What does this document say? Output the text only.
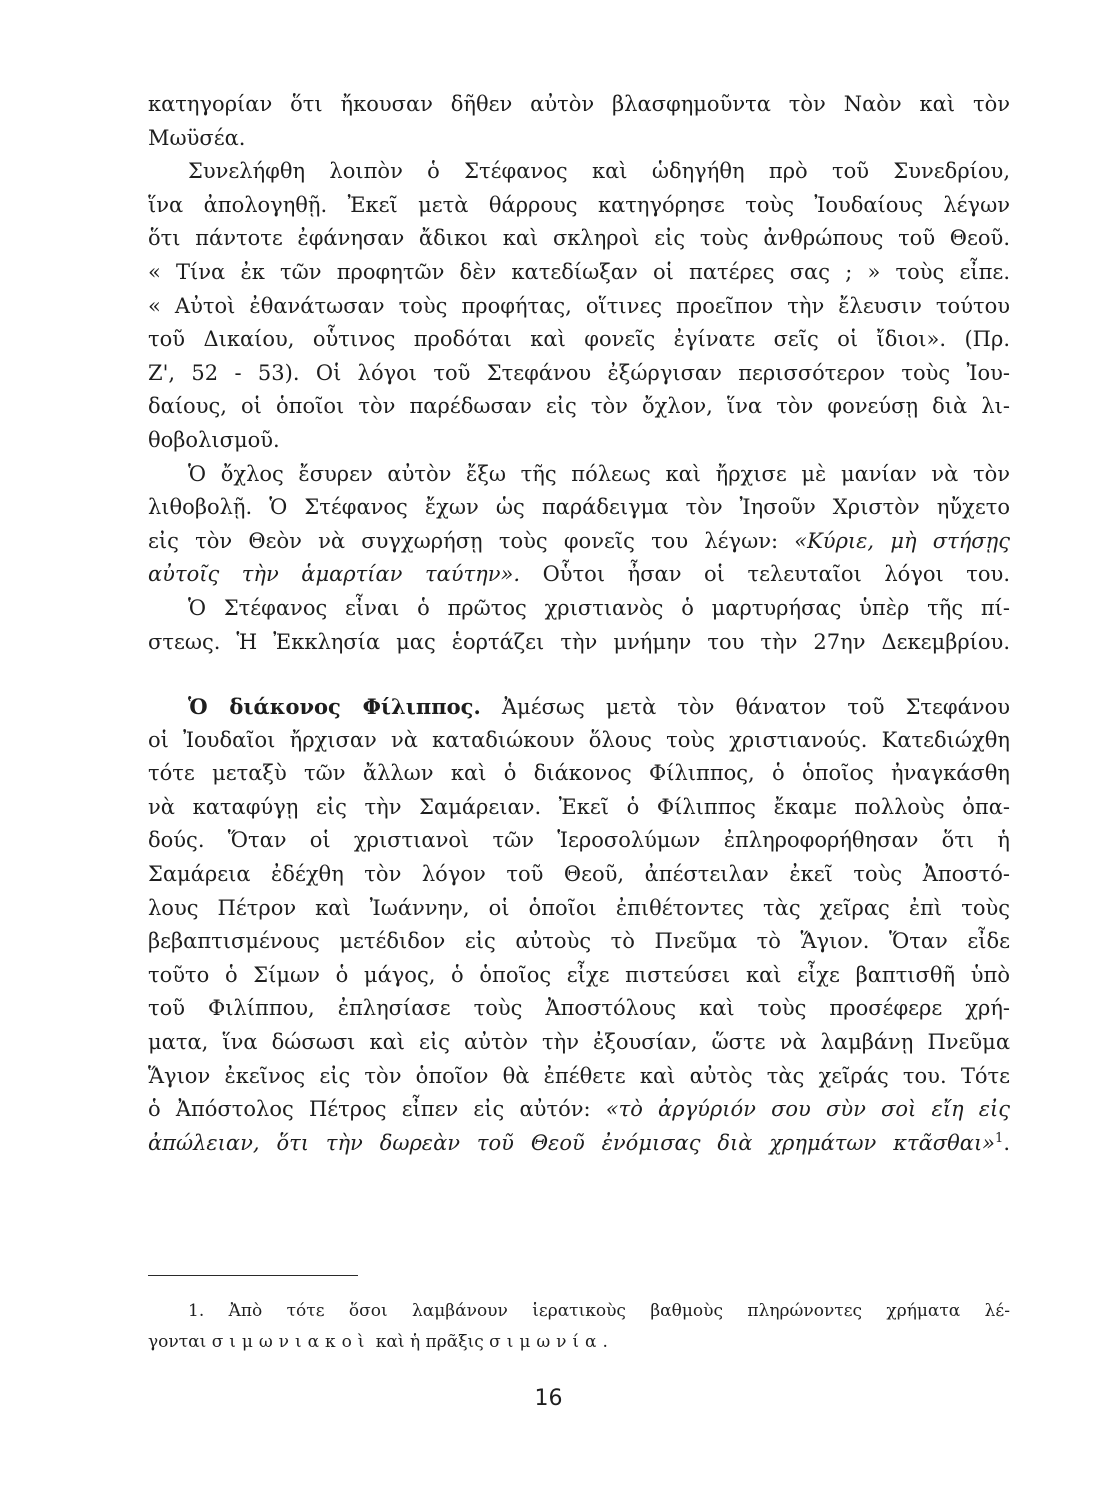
κατηγορίαν ὅτι ἤκουσαν δῆθεν αὐτὸν βλασφημοῦντα τὸν Ναὸν καὶ τὸν
Μωϋσέα.
Συνελήφθη λοιπὸν ὁ Στέφανος καὶ ὡδηγήθη πρὸ τοῦ Συνεδρίου,
ἵνα ἀπολογηθῇ. Ἐκεῖ μετὰ θάρρους κατηγόρησε τοὺς Ἰουδαίους λέγων
ὅτι πάντοτε ἐφάνησαν ἄδικοι καὶ σκληροὶ εἰς τοὺς ἀνθρώπους τοῦ Θεοῦ.
« Τίνα ἐκ τῶν προφητῶν δὲν κατεδίωξαν οἱ πατέρες σας ; » τοὺς εἶπε.
« Αὐτοὶ ἐθανάτωσαν τοὺς προφήτας, οἵτινες προεῖπον τὴν ἔλευσιν τούτου
τοῦ Δικαίου, οὗτινος προδόται καὶ φονεῖς ἐγίνατε σεῖς οἱ ἴδιοι». (Πρ.
Ζ', 52 - 53). Οἱ λόγοι τοῦ Στεφάνου ἐξώργισαν περισσότερον τοὺς Ἰου-
δαίους, οἱ ὁποῖοι τὸν παρέδωσαν εἰς τὸν ὄχλον, ἵνα τὸν φονεύσῃ διὰ λι-
θοβολισμοῦ.
Ὁ ὄχλος ἔσυρεν αὐτὸν ἔξω τῆς πόλεως καὶ ἤρχισε μὲ μανίαν νὰ τὸν
λιθοβολῇ. Ὁ Στέφανος ἔχων ὡς παράδειγμα τὸν Ἰησοῦν Χριστὸν ηὔχετο
εἰς τὸν Θεὸν νὰ συγχωρήσῃ τοὺς φονεῖς του λέγων: «Κύριε, μὴ στήσῃς
αὐτοῖς τὴν ἁμαρτίαν ταύτην». Οὗτοι ἦσαν οἱ τελευταῖοι λόγοι του.
Ὁ Στέφανος εἶναι ὁ πρῶτος χριστιανὸς ὁ μαρτυρήσας ὑπὲρ τῆς πί-
στεως. Ἡ Ἐκκλησία μας ἑορτάζει τὴν μνήμην του τὴν 27ην Δεκεμβρίου.
Ὁ διάκονος Φίλιππος. Ἀμέσως μετὰ τὸν θάνατον τοῦ Στεφάνου
οἱ Ἰουδαῖοι ἤρχισαν νὰ καταδιώκουν ὅλους τοὺς χριστιανούς. Κατεδιώχθη
τότε μεταξὺ τῶν ἄλλων καὶ ὁ διάκονος Φίλιππος, ὁ ὁποῖος ἠναγκάσθη
νὰ καταφύγῃ εἰς τὴν Σαμάρειαν. Ἐκεῖ ὁ Φίλιππος ἔκαμε πολλοὺς ὀπα-
δούς. Ὅταν οἱ χριστιανοὶ τῶν Ἱεροσολύμων ἐπληροφορήθησαν ὅτι ἡ
Σαμάρεια ἐδέχθη τὸν λόγον τοῦ Θεοῦ, ἀπέστειλαν ἐκεῖ τοὺς Ἀποστό-
λους Πέτρον καὶ Ἰωάννην, οἱ ὁποῖοι ἐπιθέτοντες τὰς χεῖρας ἐπὶ τοὺς
βεβαπτισμένους μετέδιδον εἰς αὐτοὺς τὸ Πνεῦμα τὸ Ἅγιον. Ὅταν εἶδε
τοῦτο ὁ Σίμων ὁ μάγος, ὁ ὁποῖος εἶχε πιστεύσει καὶ εἶχε βαπτισθῆ ὑπὸ
τοῦ Φιλίππου, ἐπλησίασε τοὺς Ἀποστόλους καὶ τοὺς προσέφερε χρή-
ματα, ἵνα δώσωσι καὶ εἰς αὐτὸν τὴν ἐξουσίαν, ὥστε νὰ λαμβάνῃ Πνεῦμα
Ἅγιον ἐκεῖνος εἰς τὸν ὁποῖον θὰ ἐπέθετε καὶ αὐτὸς τὰς χεῖράς του. Τότε
ὁ Ἀπόστολος Πέτρος εἶπεν εἰς αὐτόν: «τὸ ἀργύριόν σου σὺν σοὶ εἴη εἰς
ἀπώλειαν, ὅτι τὴν δωρεὰν τοῦ Θεοῦ ἐνόμισας διὰ χρημάτων κτᾶσθαι»$^1$.
1. Ἀπὸ τότε ὅσοι λαμβάνουν ἱερατικοὺς βαθμοὺς πληρώνοντες χρήματα λέ-
γονται σιμωνιακοὶ καὶ ἡ πρᾶξις σιμωνία.
16
